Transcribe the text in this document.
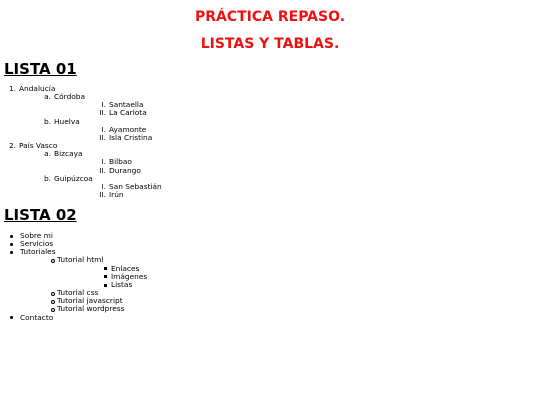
PRÁCTICA REPASO.
LISTAS Y TABLAS.
LISTA 01
1. Andalucía
a. Córdoba
I. Santaella
II. La Carlota
b. Huelva
I. Ayamonte
II. Isla Cristina
2. País Vasco
a. Bizcaya
I. Bilbao
II. Durango
b. Guipúzcoa
I. San Sebastián
II. Irún
LISTA 02
Sobre mi
Servicios
Tutoriales
Tutorial html
Enlaces
Imágenes
Listas
Tutorial css
Tutorial javascript
Tutorial wordpress
Contacto
